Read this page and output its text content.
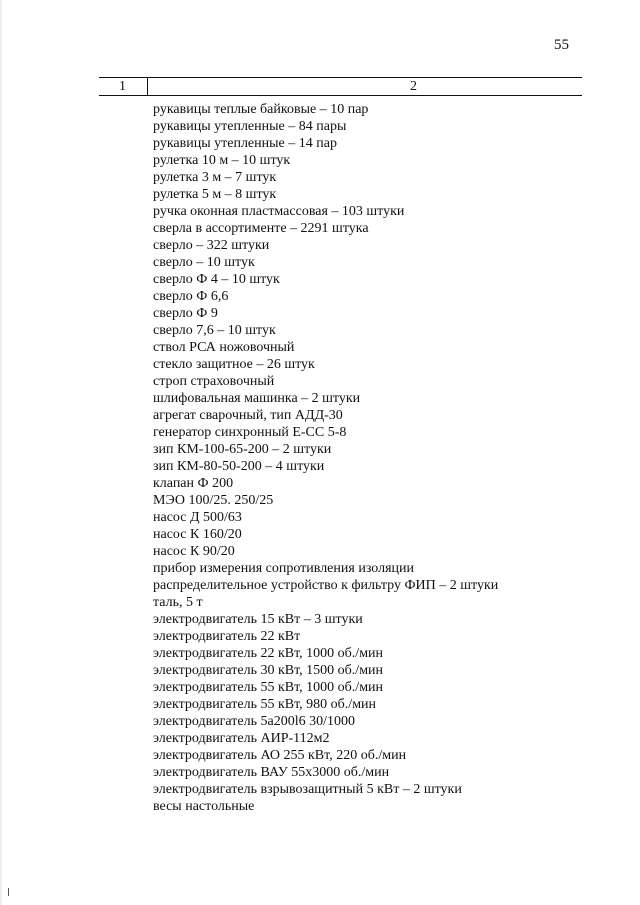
55
1	2
рукавицы теплые байковые – 10 пар
рукавицы утепленные – 84 пары
рукавицы утепленные – 14 пар
рулетка 10 м – 10 штук
рулетка 3 м – 7 штук
рулетка 5 м – 8 штук
ручка оконная пластмассовая – 103 штуки
сверла в ассортименте – 2291 штука
сверло – 322 штуки
сверло – 10 штук
сверло Ф 4 – 10 штук
сверло Ф 6,6
сверло Ф 9
сверло 7,6 – 10 штук
ствол РСА ножовочный
стекло защитное – 26 штук
строп страховочный
шлифовальная машинка – 2 штуки
агрегат сварочный, тип АДД-30
генератор синхронный Е-СС 5-8
зип КМ-100-65-200 – 2 штуки
зип КМ-80-50-200 – 4 штуки
клапан Ф 200
МЭО 100/25. 250/25
насос Д 500/63
насос К 160/20
насос К 90/20
прибор измерения сопротивления изоляции
распределительное устройство к фильтру ФИП – 2 штуки
таль, 5 т
электродвигатель 15 кВт – 3 штуки
электродвигатель 22 кВт
электродвигатель 22 кВт, 1000 об./мин
электродвигатель 30 кВт, 1500 об./мин
электродвигатель 55 кВт, 1000 об./мин
электродвигатель 55 кВт, 980 об./мин
электродвигатель 5а200l6 30/1000
электродвигатель АИР-112м2
электродвигатель АО 255 кВт, 220 об./мин
электродвигатель ВАУ 55х3000 об./мин
электродвигатель взрывозащитный 5 кВт – 2 штуки
весы настольные
